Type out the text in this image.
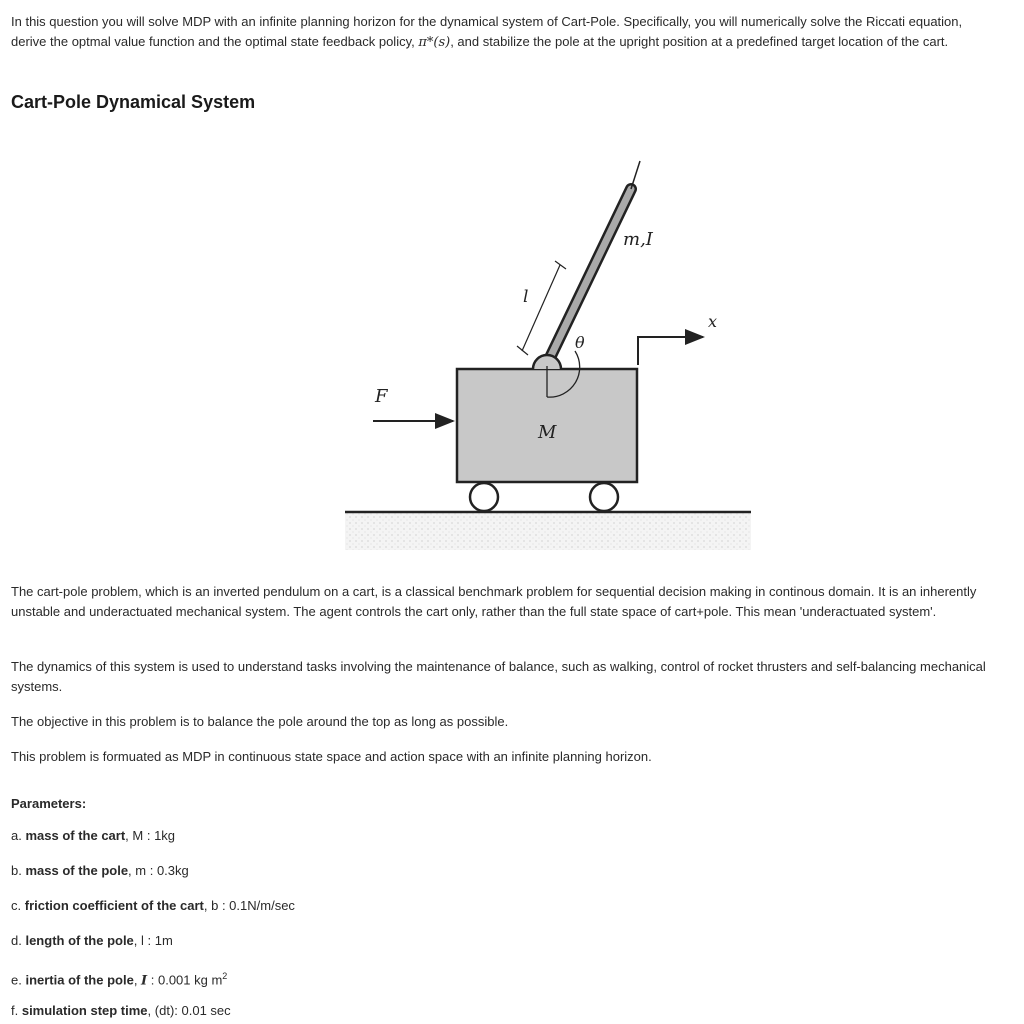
In this question you will solve MDP with an infinite planning horizon for the dynamical system of Cart-Pole. Specifically, you will numerically solve the Riccati equation, derive the optmal value function and the optimal state feedback policy, π*(s), and stabilize the pole at the upright position at a predefined target location of the cart.

Cart-Pole Dynamical System
F
M
m,I
l
θ
x

The cart-pole problem, which is an inverted pendulum on a cart, is a classical benchmark problem for sequential decision making in continous domain. It is an inherently unstable and underactuated mechanical system. The agent controls the cart only, rather than the full state space of cart+pole. This mean 'underactuated system'.

The dynamics of this system is used to understand tasks involving the maintenance of balance, such as walking, control of rocket thrusters and self-balancing mechanical systems.

The objective in this problem is to balance the pole around the top as long as possible.

This problem is formuated as MDP in continuous state space and action space with an infinite planning horizon.

Parameters:

a. mass of the cart, M : 1kg

b. mass of the pole, m : 0.3kg

c. friction coefficient of the cart, b : 0.1N/m/sec

d. length of the pole, l : 1m

e. inertia of the pole, I : 0.001 kg $m^2$

f. simulation step time, (dt): 0.01 sec
